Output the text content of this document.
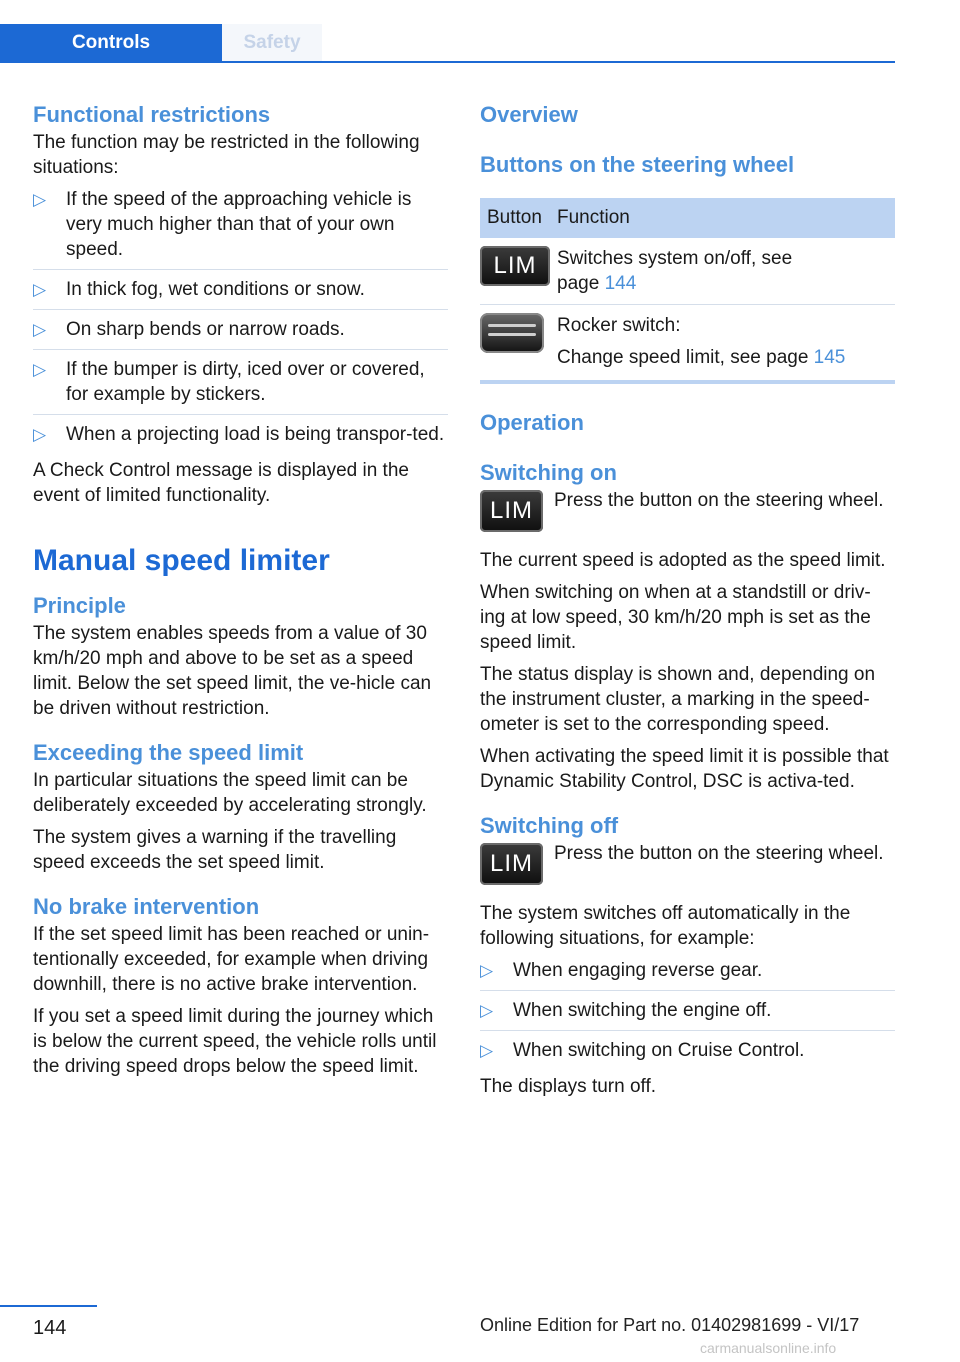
Controls	Safety
Functional restrictions

The function may be restricted in the following situations:

▷ If the speed of the approaching vehicle is very much higher than that of your own speed.
▷ In thick fog, wet conditions or snow.
▷ On sharp bends or narrow roads.
▷ If the bumper is dirty, iced over or covered, for example by stickers.
▷ When a projecting load is being transpor-ted.

A Check Control message is displayed in the event of limited functionality.

Manual speed limiter
Principle

The system enables speeds from a value of 30 km/h/20 mph and above to be set as a speed limit. Below the set speed limit, the ve-hicle can be driven without restriction.

Exceeding the speed limit

In particular situations the speed limit can be deliberately exceeded by accelerating strongly.

The system gives a warning if the travelling speed exceeds the set speed limit.

No brake intervention

If the set speed limit has been reached or unin-tentionally exceeded, for example when driving downhill, there is no active brake intervention.

If you set a speed limit during the journey which is below the current speed, the vehicle rolls until the driving speed drops below the speed limit.

Overview
Buttons on the steering wheel
Button	Function
LIM	Switches system on/off, see
page 144

	Rocker switch:
Change speed limit, see page 145
Operation
Switching on
LIM	Press the button on the steering wheel.

The current speed is adopted as the speed limit.

When switching on when at a standstill or driv-ing at low speed, 30 km/h/20 mph is set as the speed limit.

The status display is shown and, depending on the instrument cluster, a marking in the speed-ometer is set to the corresponding speed.

When activating the speed limit it is possible that Dynamic Stability Control, DSC is activa-ted.

Switching off
LIM	Press the button on the steering wheel.

The system switches off automatically in the following situations, for example:

▷ When engaging reverse gear.
▷ When switching the engine off.
▷ When switching on Cruise Control.

The displays turn off.

144	Online Edition for Part no. 01402981699 - VI/17
carmanualsonline.info
